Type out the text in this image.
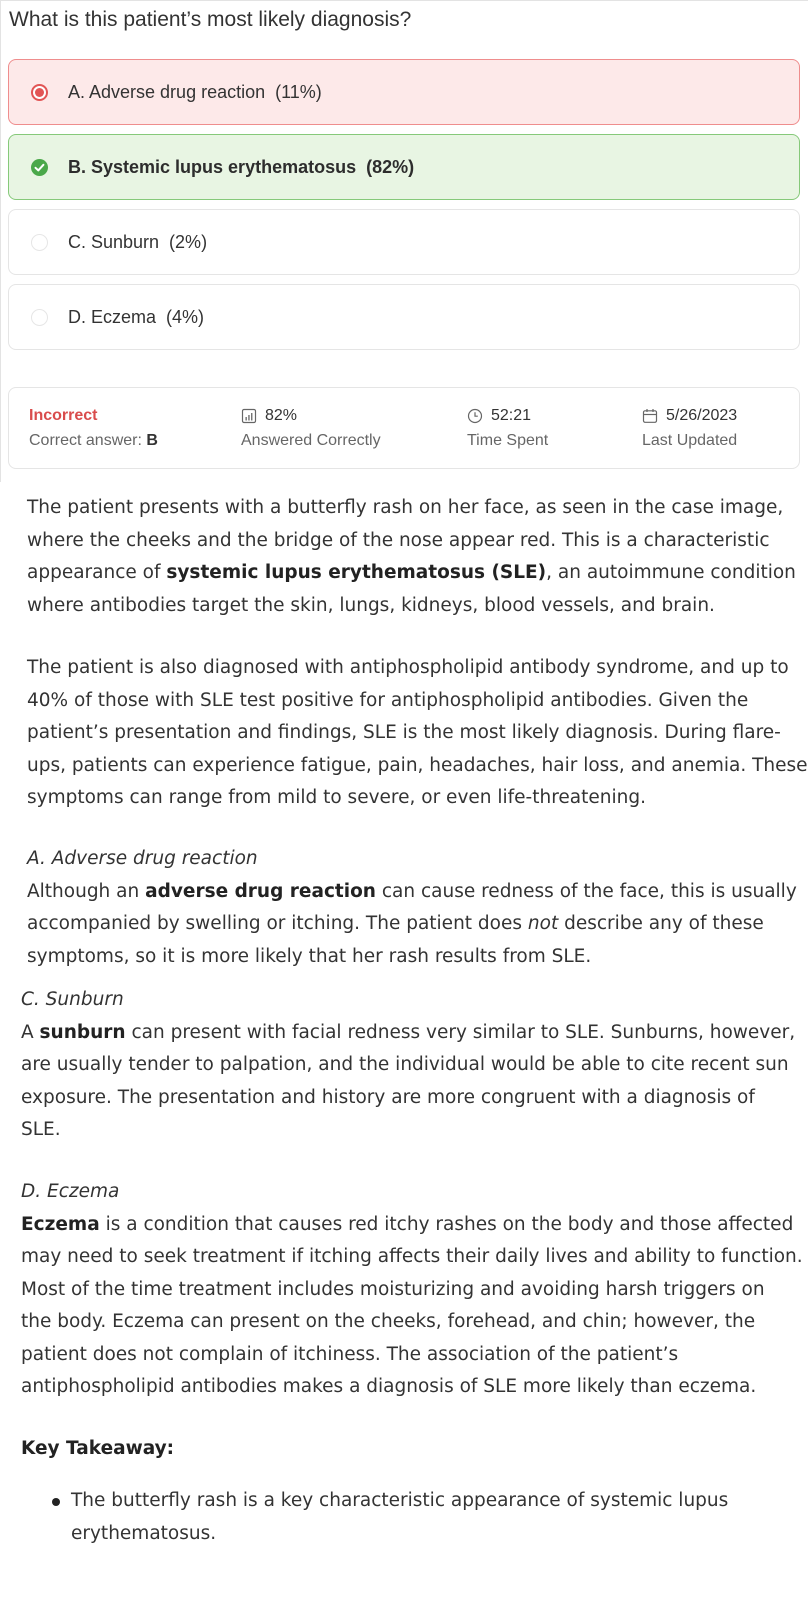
What is this patient’s most likely diagnosis?
A. Adverse drug reaction  (11%)
B. Systemic lupus erythematosus  (82%)
C. Sunburn  (2%)
D. Eczema  (4%)
Incorrect
Correct answer: B
82%
Answered Correctly
52:21
Time Spent
5/26/2023
Last Updated
The patient presents with a butterfly rash on her face, as seen in the case image,
where the cheeks and the bridge of the nose appear red. This is a characteristic
appearance of systemic lupus erythematosus (SLE), an autoimmune condition
where antibodies target the skin, lungs, kidneys, blood vessels, and brain.
The patient is also diagnosed with antiphospholipid antibody syndrome, and up to
40% of those with SLE test positive for antiphospholipid antibodies. Given the
patient’s presentation and findings, SLE is the most likely diagnosis. During flare-
ups, patients can experience fatigue, pain, headaches, hair loss, and anemia. These
symptoms can range from mild to severe, or even life-threatening.
A. Adverse drug reaction
Although an adverse drug reaction can cause redness of the face, this is usually
accompanied by swelling or itching. The patient does not describe any of these
symptoms, so it is more likely that her rash results from SLE.
C. Sunburn
A sunburn can present with facial redness very similar to SLE. Sunburns, however,
are usually tender to palpation, and the individual would be able to cite recent sun
exposure. The presentation and history are more congruent with a diagnosis of
SLE.
D. Eczema
Eczema is a condition that causes red itchy rashes on the body and those affected
may need to seek treatment if itching affects their daily lives and ability to function.
Most of the time treatment includes moisturizing and avoiding harsh triggers on
the body. Eczema can present on the cheeks, forehead, and chin; however, the
patient does not complain of itchiness. The association of the patient’s
antiphospholipid antibodies makes a diagnosis of SLE more likely than eczema.
Key Takeaway:
The butterfly rash is a key characteristic appearance of systemic lupus
erythematosus.
